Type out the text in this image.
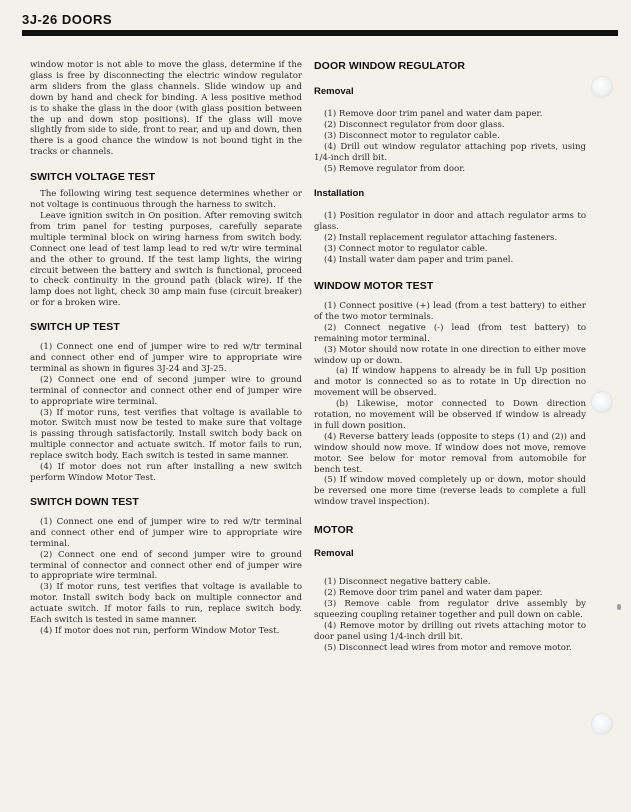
3J-26 DOORS

window motor is not able to move the glass, determine if the glass is free by disconnecting the electric window regulator arm sliders from the glass channels. Slide window up and down by hand and check for binding. A less positive method is to shake the glass in the door (with glass position between the up and down stop positions). If the glass will move slightly from side to side, front to rear, and up and down, then there is a good chance the window is not bound tight in the tracks or channels.

SWITCH VOLTAGE TEST

The following wiring test sequence determines whether or not voltage is continuous through the harness to switch.

Leave ignition switch in On position. After removing switch from trim panel for testing purposes, carefully separate multiple terminal block on wiring harness from switch body. Connect one lead of test lamp lead to red w/tr wire terminal and the other to ground. If the test lamp lights, the wiring circuit between the battery and switch is functional, proceed to check continuity in the ground path (black wire). If the lamp does not light, check 30 amp main fuse (circuit breaker) or for a broken wire.

SWITCH UP TEST

(1) Connect one end of jumper wire to red w/tr terminal and connect other end of jumper wire to appropriate wire terminal as shown in figures 3J-24 and 3J-25.

(2) Connect one end of second jumper wire to ground terminal of connector and connect other end of jumper wire to appropriate wire terminal.

(3) If motor runs, test verifies that voltage is available to motor. Switch must now be tested to make sure that voltage is passing through satisfactorily. Install switch body back on multiple connector and actuate switch. If motor fails to run, replace switch body. Each switch is tested in same manner.

(4) If motor does not run after installing a new switch perform Window Motor Test.

SWITCH DOWN TEST

(1) Connect one end of jumper wire to red w/tr terminal and connect other end of jumper wire to appropriate wire terminal.

(2) Connect one end of second jumper wire to ground terminal of connector and connect other end of jumper wire to appropriate wire terminal.

(3) If motor runs, test verifies that voltage is available to motor. Install switch body back on multiple connector and actuate switch. If motor fails to run, replace switch body. Each switch is tested in same manner.

(4) If motor does not run, perform Window Motor Test.

DOOR WINDOW REGULATOR
Removal

(1) Remove door trim panel and water dam paper.

(2) Disconnect regulator from door glass.

(3) Disconnect motor to regulator cable.

(4) Drill out window regulator attaching pop rivets, using 1/4-inch drill bit.

(5) Remove regulator from door.

Installation

(1) Position regulator in door and attach regulator arms to glass.

(2) Install replacement regulator attaching fasteners.

(3) Connect motor to regulator cable.

(4) Install water dam paper and trim panel.

WINDOW MOTOR TEST

(1) Connect positive (+) lead (from a test battery) to either of the two motor terminals.

(2) Connect negative (-) lead (from test battery) to remaining motor terminal.

(3) Motor should now rotate in one direction to either move window up or down.

(a) If window happens to already be in full Up position and motor is connected so as to rotate in Up direction no movement will be observed.

(b) Likewise, motor connected to Down direction rotation, no movement will be observed if window is already in full down position.

(4) Reverse battery leads (opposite to steps (1) and (2)) and window should now move. If window does not move, remove motor. See below for motor removal from automobile for bench test.

(5) If window moved completely up or down, motor should be reversed one more time (reverse leads to complete a full window travel inspection).

MOTOR
Removal

(1) Disconnect negative battery cable.

(2) Remove door trim panel and water dam paper.

(3) Remove cable from regulator drive assembly by squeezing coupling retainer together and pull down on cable.

(4) Remove motor by drilling out rivets attaching motor to door panel using 1/4-inch drill bit.

(5) Disconnect lead wires from motor and remove motor.
